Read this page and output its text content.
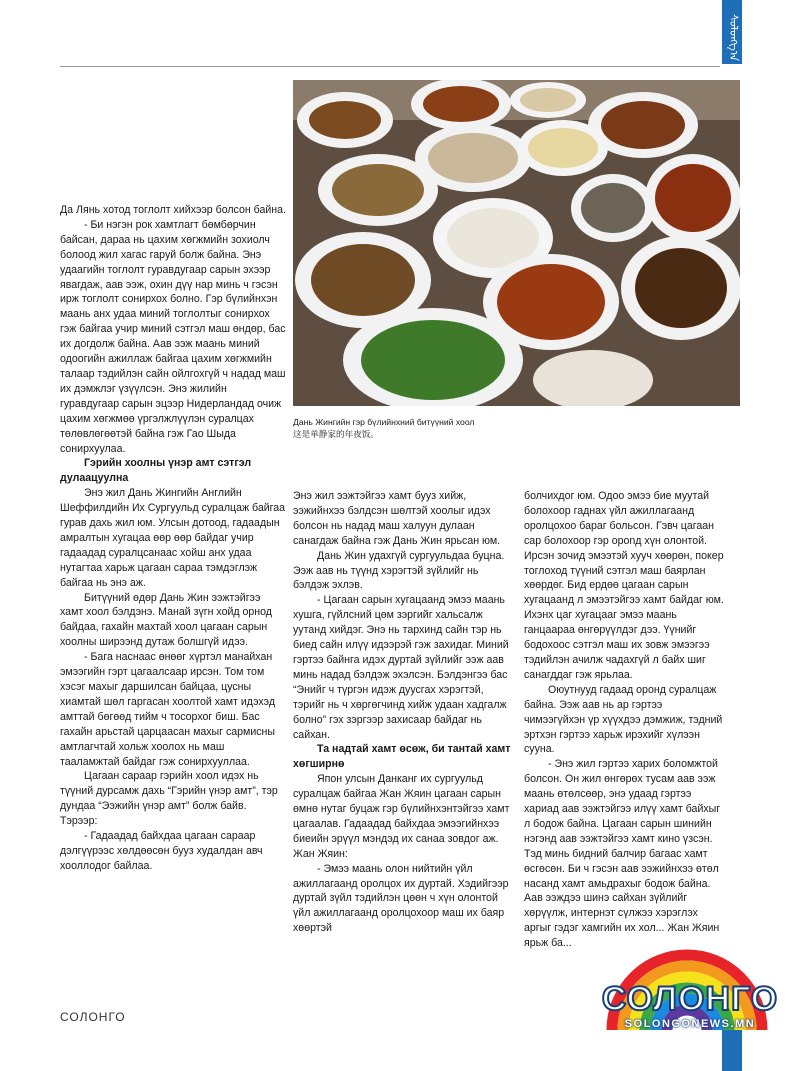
ᠰᠣᠯᠣᠩᠭ᠎ᠠ
Дань Жингийн гэр бүлийнхний битүүний хоол
这是单静家的年夜饭。

Да Лянь хотод тоглолт хийхээр болсон байна.

- Би нэгэн рок хамтлагт бөмбөрчин байсан, дараа нь цахим хөгжмийн зохиолч болоод жил хагас гаруй болж байна. Энэ удаагийн тоглолт гуравдугаар сарын эхээр явагдаж, аав ээж, охин дүү нар минь ч гэсэн ирж тоглолт сонирхох болно. Гэр бүлийнхэн маань анх удаа миний тоглолтыг сонирхох гэж байгаа учир миний сэтгэл маш өндөр, бас их догдолж байна. Аав ээж маань миний одоогийн ажиллаж байгаа цахим хөгжмийн талаар тэдийлэн сайн ойлгохгүй ч надад маш их дэмжлэг үзүүлсэн. Энэ жилийн гуравдугаар сарын эцээр Нидерландад очиж цахим хөгжмөө үргэлжлүүлэн суралцах төлөвлөгөөтэй байна гэж Гао Шыда сонирхуулаа.

Гэрийн хоолны үнэр амт сэтгэл дулаацуулна

Энэ жил Дань Жингийн Английн Шеффилдийн Их Сургуульд суралцаж байгаа гурав дахь жил юм. Улсын дотоод, гадаадын амралтын хугацаа өөр өөр байдаг учир гадаадад суралцсанаас хойш анх удаа нутагтаа харьж цагаан сараа тэмдэглэж байгаа нь энэ аж.

Битүүний өдөр Дань Жин ээжтэйгээ хамт хоол бэлдэнэ. Манай зүгн хойд орнод байдаа, гахайн махтай хоол цагаан сарын хоолны ширээнд дутаж болшгүй идээ.

- Бага наснаас өнөөг хүртэл манайхан эмээгийн гэрт цагаалсаар ирсэн. Том том хэсэг махыг даршилсан байцаа, цусны хиамтай шөл гаргасан хоолтой хамт идэхэд амттай бөгөөд тийм ч тосорхог биш. Бас гахайн арьстай царцаасан махыг сармисны амтлагчтай хольж хоолох нь маш тааламжтай байдаг гэж сонирхууллаа.

Цагаан сараар гэрийн хоол идэх нь түүний дурсамж дахь “Гэрийн үнэр амт”, тэр дундаа “Ээжийн үнэр амт” болж байв. Тэрээр:

- Гадаадад байхдаа цагаан сараар дэлгүүрээс хөлдөөсөн бууз худалдан авч хооллодог байлаа.

Энэ жил ээжтэйгээ хамт бууз хийж, ээжийнхээ бэлдсэн шөлтэй хоолыг идэх болсон нь надад маш халуун дулаан санагдаж байна гэж Дань Жин ярьсан юм.

Дань Жин удахгүй сургуульдаа буцна. Ээж аав нь түүнд хэрэгтэй зүйлийг нь бэлдэж эхлэв.

- Цагаан сарын хугацаанд эмээ маань хушга, гүйлсний цөм зэргийг хальсалж уутанд хийдэг. Энэ нь тархинд сайн тэр нь биед сайн илүү идээрэй гэж захидаг. Миний гэртээ байнга идэх дуртай зүйлийг ээж аав минь надад бэлдэж эхэлсэн. Бэлдэнгээ бас “Энийг ч түргэн идэж дуусгах хэрэгтэй, тэрийг нь ч хөргөгчинд хийж удаан хадгалж болно” гэх зэргээр захисаар байдаг нь сайхан.

Та надтай хамт өсөж, би тантай хамт хөгширнө

Япон улсын Данканг их сургуульд суралцаж байгаа Жан Жяин цагаан сарын өмнө нутаг буцаж гэр бүлийнхэнтэйгээ хамт цагаалав. Гадаадад байхдаа эмээгийнхээ биеийн эрүүл мэндэд их санаа зовдог аж. Жан Жяин:

- Эмээ маань олон нийтийн үйл ажиллагаанд оролцох их дуртай. Хэдийгээр дуртай зүйл тэдийлэн цөөн ч хүн олонтой үйл ажиллагаанд оролцохоор маш их баяр хөөртэй

болчихдог юм. Одоо эмээ бие муутай болохоор гаднах үйл ажиллагаанд оролцохоо бараг больсон. Гэвч цагаан сар болохоор гэр орonд хүн олонтой. Ирсэн зочид эмээтэй хууч хөөрөн, покер тоглоход түүний сэтгэл маш баярлан хөөрдөг. Бид ердөө цагаан сарын хугацаанд л эмээтэйгээ хамт байдаг юм. Ихэнх цаг хугацааг эмээ маань ганцаараа өнгөрүүлдэг дээ. Үүнийг бодохоос сэтгэл маш их зовж эмээгээ тэдийлэн ачилж чадахгүй л байх шиг санагддаг гэж ярьлаа.

Оюутнууд гадаад оронд суралцаж байна. Ээж аав нь ар гэртээ чимээгүйхэн үр хүүхдээ дэмжиж, тэдний эртхэн гэртээ харьж ирэхийг хүлээн сууна.

- Энэ жил гэртээ харих боломжтой болсон. Он жил өнгөрөх тусам аав ээж маань өтөлсөөр, энэ удаад гэртээ хариад аав ээжтэйгээ илүү хамт байхыг л бодож байна. Цагаан сарын шинийн нэгэнд аав ээжтэйгээ хамт кино үзсэн. Тэд минь бидний балчир багаас хамт өсгөсөн. Би ч гэсэн аав ээжийнхээ өтөл насанд хамт амьдрахыг бодож байна. Аав ээждээ шинэ сайхан зүйлийг хөрүүлж, интернэт сүлжээ хэрэглэх аргыг гэдэг хамгийн их хол... Жан Жяин ярьж ба...

СОЛОНГО	СОЛОНГО
SOLONGONEWS.MN
